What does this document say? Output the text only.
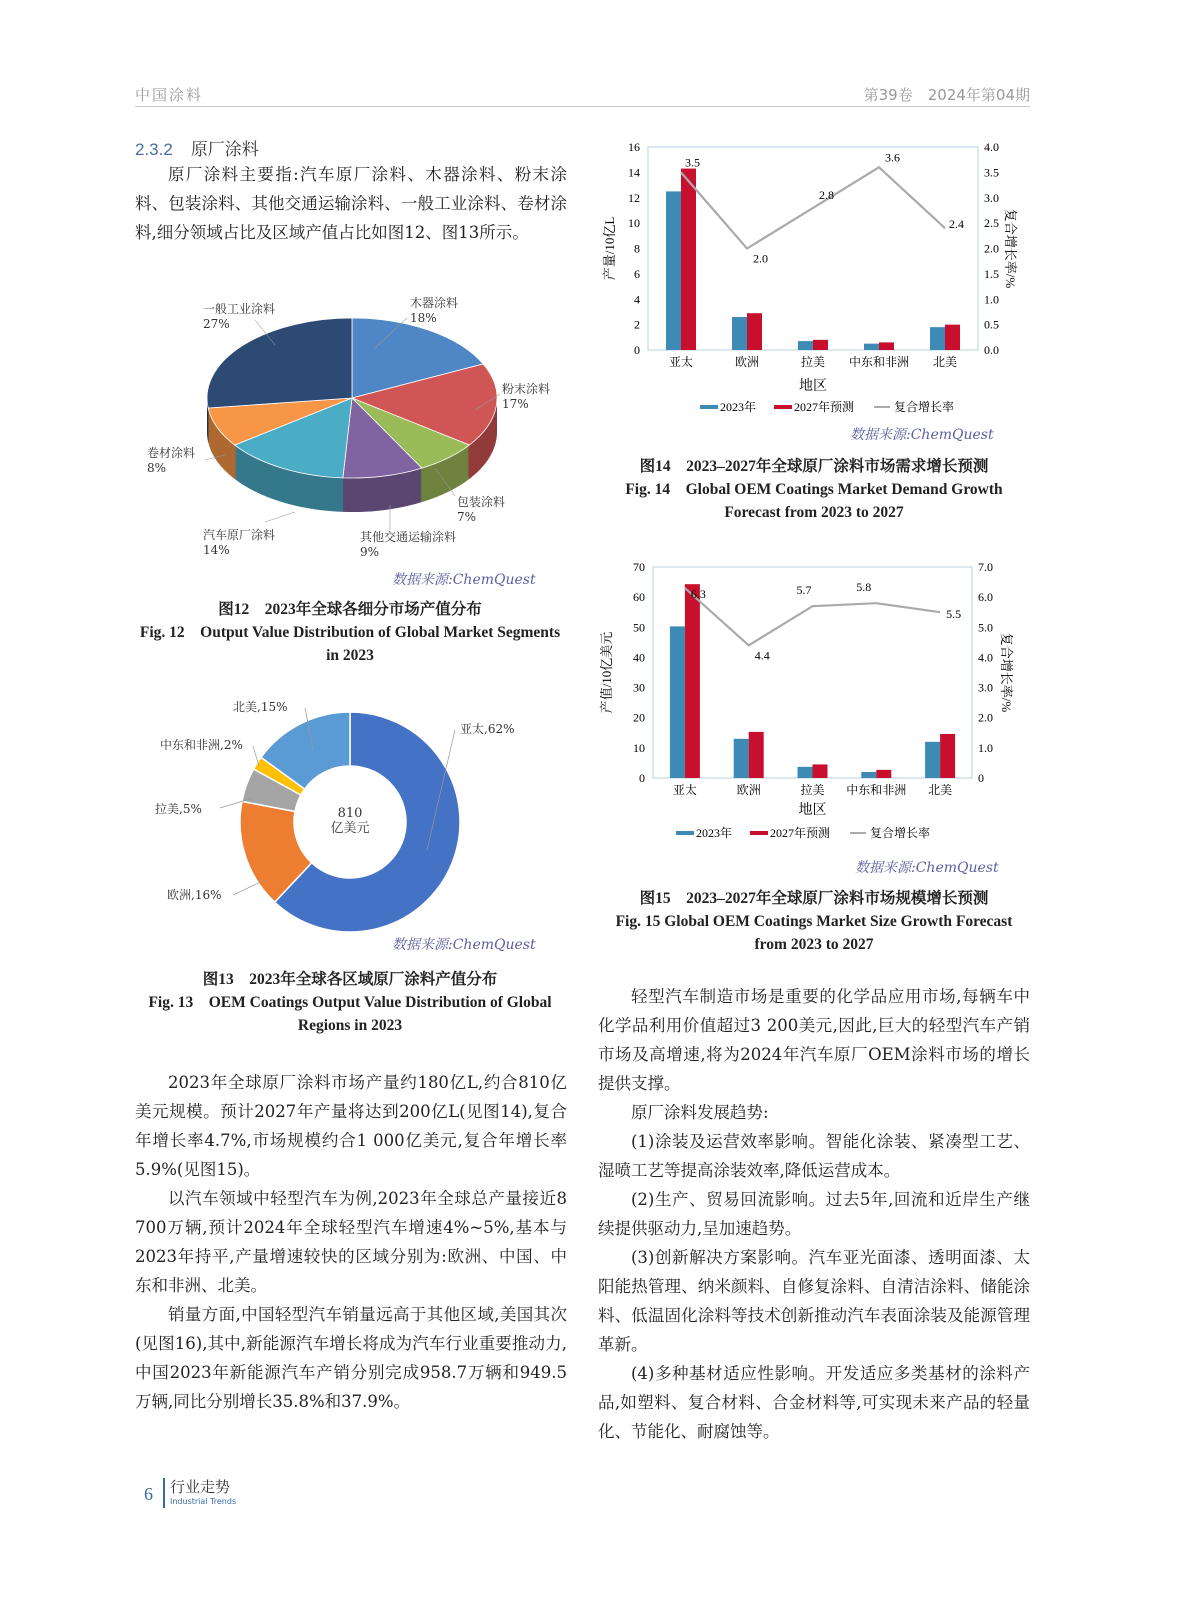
中国涂料	第39卷　2024年第04期
2.3.2 原厂涂料

原厂涂料主要指:汽车原厂涂料、木器涂料、粉末涂料、包装涂料、其他交通运输涂料、一般工业涂料、卷材涂料,细分领域占比及区域产值占比如图12、图13所示。

木器涂料
18%
粉末涂料
17%
包装涂料
7%
其他交通运输涂料
9%
汽车原厂涂料
14%
卷材涂料
8%
一般工业涂料
27%
数据来源:ChemQuest
图12　2023年全球各细分市场产值分布
Fig. 12　Output Value Distribution of Global Market Segments in 2023
810
亿美元
亚太,62%
欧洲,16%
拉美,5%
中东和非洲,2%
北美,15%
数据来源:ChemQuest
图13　2023年全球各区域原厂涂料产值分布
Fig. 13　OEM Coatings Output Value Distribution of Global Regions in 2023

2023年全球原厂涂料市场产量约180亿L,约合810亿美元规模。预计2027年产量将达到200亿L(见图14),复合年增长率4.7%,市场规模约合1 000亿美元,复合年增长率5.9%(见图15)。

以汽车领域中轻型汽车为例,2023年全球总产量接近8 700万辆,预计2024年全球轻型汽车增速4%~5%,基本与2023年持平,产量增速较快的区域分别为:欧洲、中国、中东和非洲、北美。

销量方面,中国轻型汽车销量远高于其他区域,美国其次(见图16),其中,新能源汽车增长将成为汽车行业重要推动力,中国2023年新能源汽车产销分别完成958.7万辆和949.5万辆,同比分别增长35.8%和37.9%。

0
2
4
6
8
10
12
14
16
0.0
0.5
1.0
1.5
2.0
2.5
3.0
3.5
4.0
亚太	欧洲	拉美 中东和非洲 北美
3.5
2.0
2.8
3.6
2.4
地区
产量/10亿L	复合增长率/%
2023年	2027年预测	复合增长率
数据来源:ChemQuest
图14　2023–2027年全球原厂涂料市场需求增长预测
Fig. 14　Global OEM Coatings Market Demand Growth Forecast from 2023 to 2027
0
10
20
30
40
50
60
70
0
1.0
2.0
3.0
4.0
5.0
6.0
7.0
亚太	欧洲	拉美 中东和非洲 北美
6.3
4.4
5.7	5.8
5.5
地区
产值/10亿美元	复合增长率/%
2023年	2027年预测	复合增长率
数据来源:ChemQuest
图15　2023–2027年全球原厂涂料市场规模增长预测
Fig. 15 Global OEM Coatings Market Size Growth Forecast from 2023 to 2027

轻型汽车制造市场是重要的化学品应用市场,每辆车中化学品利用价值超过3 200美元,因此,巨大的轻型汽车产销市场及高增速,将为2024年汽车原厂OEM涂料市场的增长提供支撑。

原厂涂料发展趋势:

(1)涂装及运营效率影响。智能化涂装、紧凑型工艺、湿喷工艺等提高涂装效率,降低运营成本。

(2)生产、贸易回流影响。过去5年,回流和近岸生产继续提供驱动力,呈加速趋势。

(3)创新解决方案影响。汽车亚光面漆、透明面漆、太阳能热管理、纳米颜料、自修复涂料、自清洁涂料、储能涂料、低温固化涂料等技术创新推动汽车表面涂装及能源管理革新。

(4)多种基材适应性影响。开发适应多类基材的涂料产品,如塑料、复合材料、合金材料等,可实现未来产品的轻量化、节能化、耐腐蚀等。

6 行业走势
Industrial Trends
